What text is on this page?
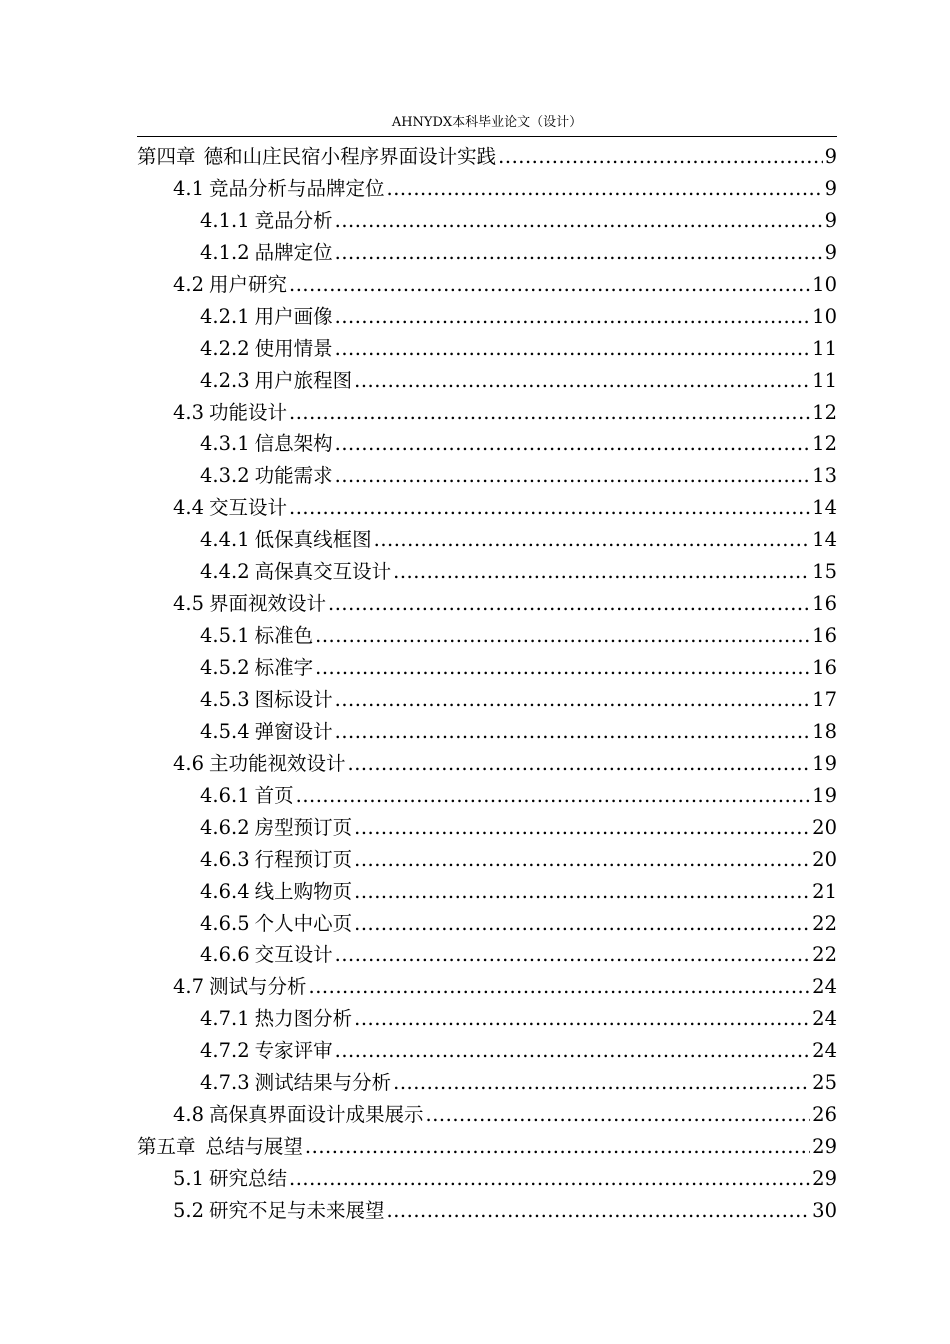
AHNYDX本科毕业论文（设计）
第四章 德和山庄民宿小程序界面设计实践 .....	9
4.1 竞品分析与品牌定位 .....	9
4.1.1 竞品分析 .....	9
4.1.2 品牌定位 .....	9
4.2 用户研究 .....	10
4.2.1 用户画像 .....	10
4.2.2 使用情景 .....	11
4.2.3 用户旅程图 .....	11
4.3 功能设计 .....	12
4.3.1 信息架构 .....	12
4.3.2 功能需求 .....	13
4.4 交互设计 .....	14
4.4.1 低保真线框图 .....	14
4.4.2 高保真交互设计 .....	15
4.5 界面视效设计 .....	16
4.5.1 标准色 .....	16
4.5.2 标准字 .....	16
4.5.3 图标设计 .....	17
4.5.4 弹窗设计 .....	18
4.6 主功能视效设计 .....	19
4.6.1 首页 .....	19
4.6.2 房型预订页 .....	20
4.6.3 行程预订页 .....	20
4.6.4 线上购物页 .....	21
4.6.5 个人中心页 .....	22
4.6.6 交互设计 .....	22
4.7 测试与分析 .....	24
4.7.1 热力图分析 .....	24
4.7.2 专家评审 .....	24
4.7.3 测试结果与分析 .....	25
4.8 高保真界面设计成果展示 .....	26
第五章 总结与展望 .....	29
5.1 研究总结 .....	29
5.2 研究不足与未来展望 .....	30
